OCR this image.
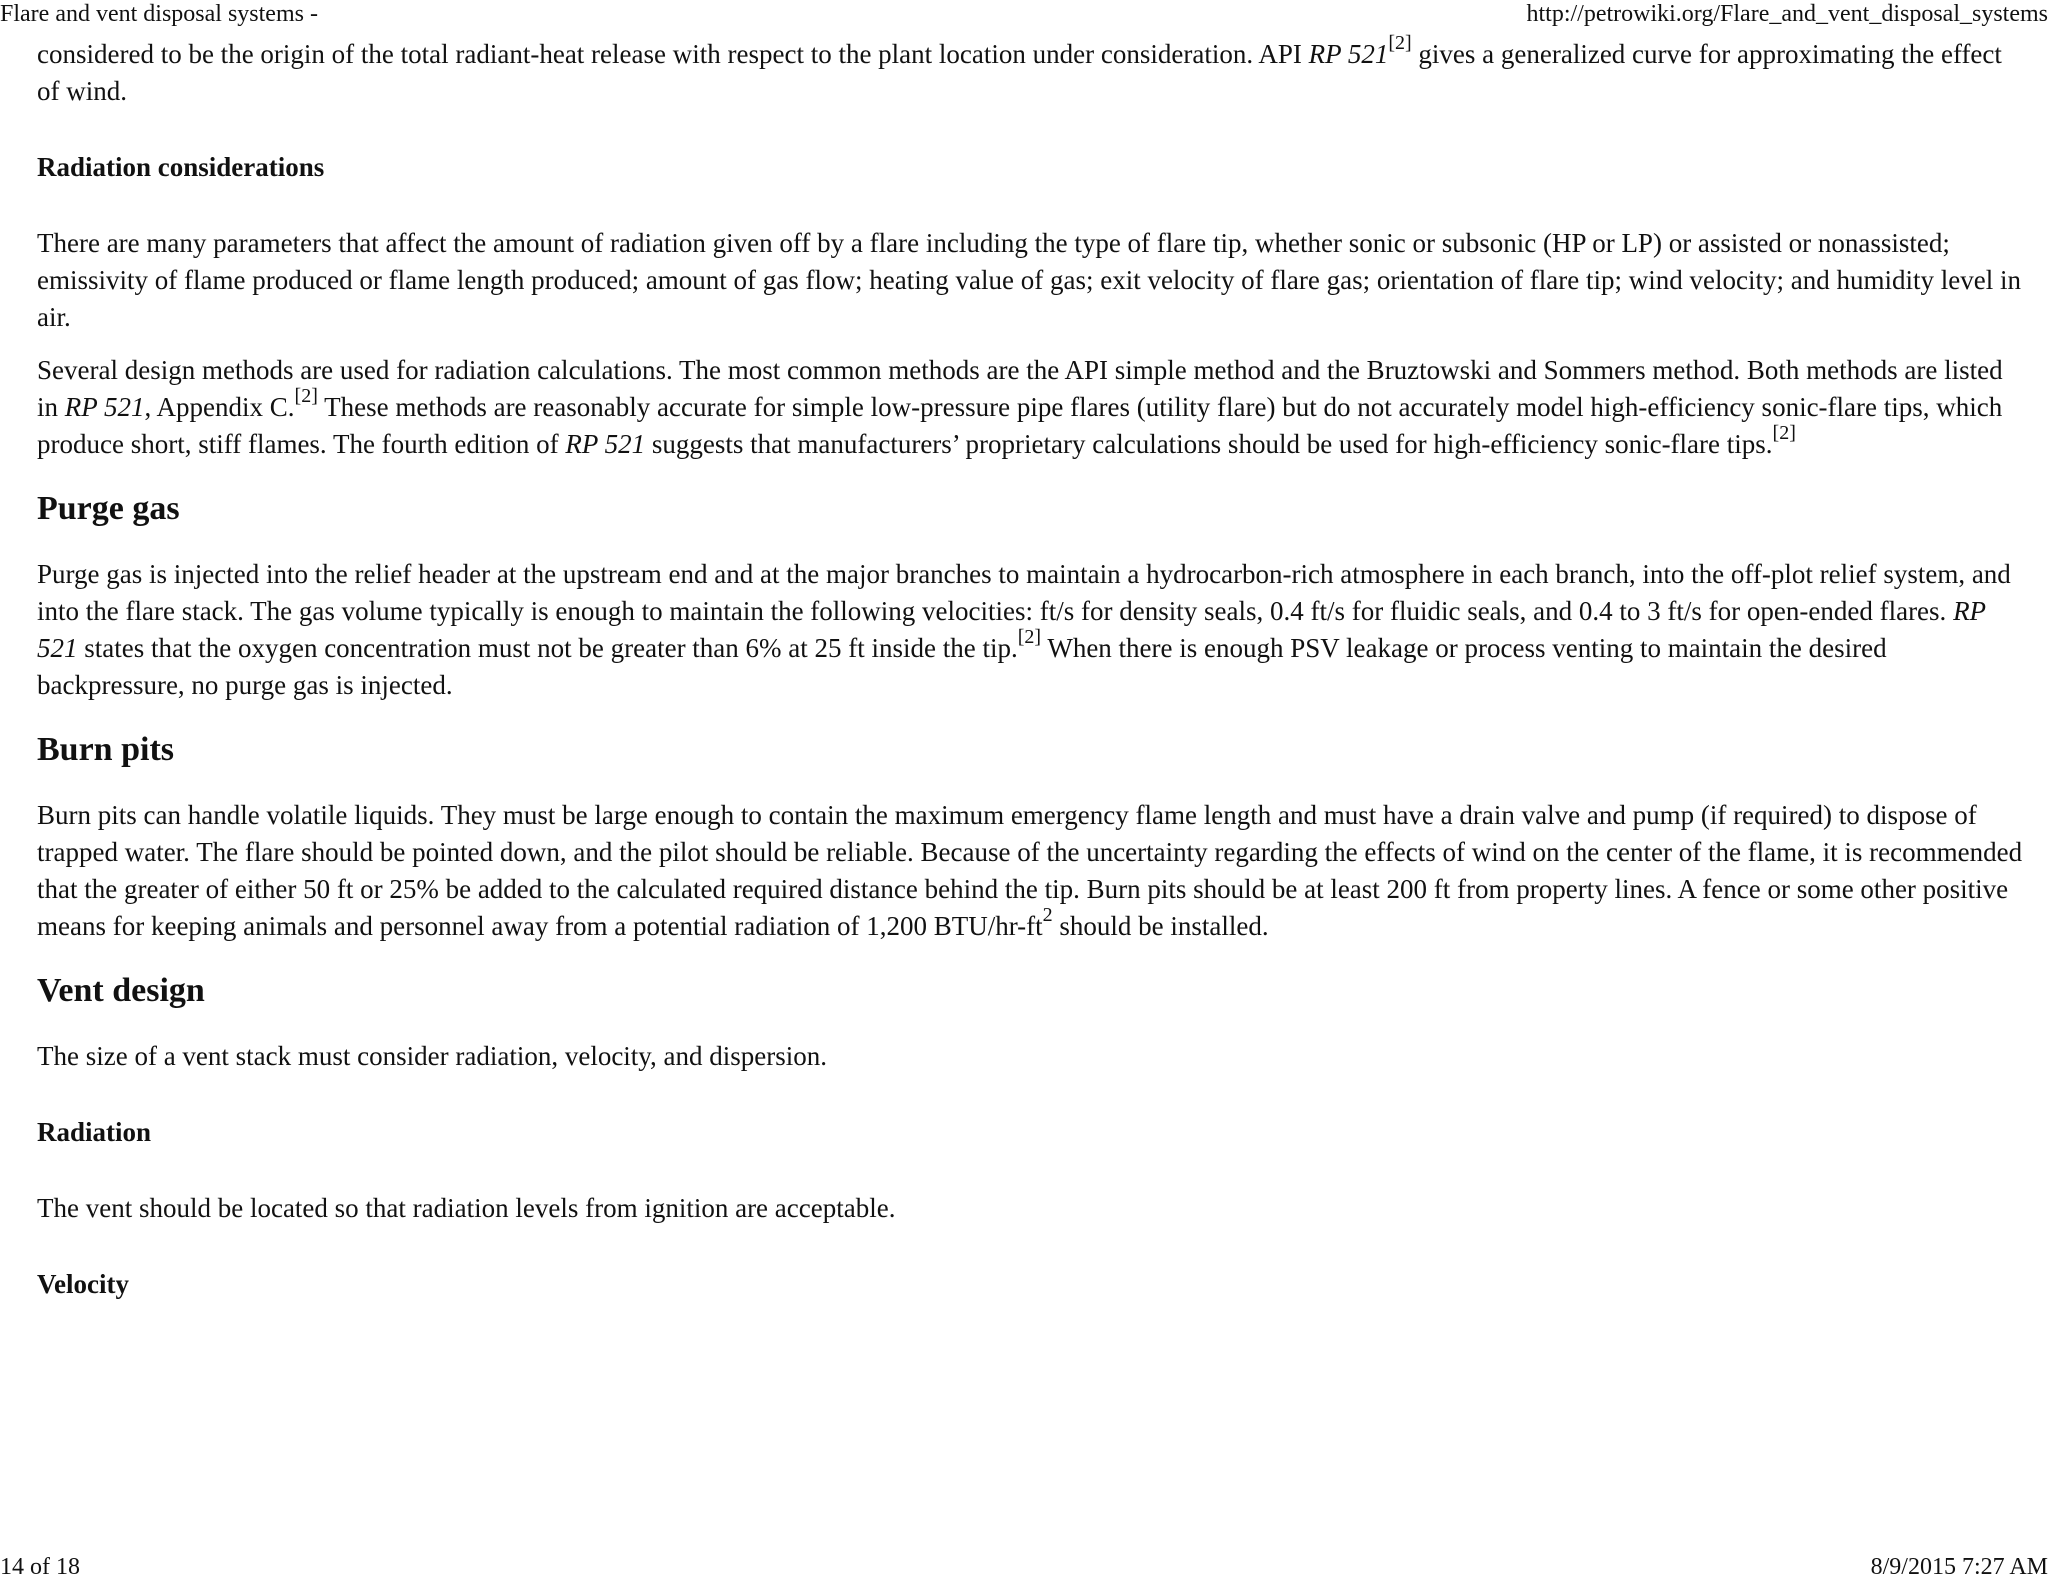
Flare and vent disposal systems -	http://petrowiki.org/Flare_and_vent_disposal_systems

considered to be the origin of the total radiant-heat release with respect to the plant location under consideration. API RP 521[2] gives a generalized curve for approximating the effect of wind.

Radiation considerations

There are many parameters that affect the amount of radiation given off by a flare including the type of flare tip, whether sonic or subsonic (HP or LP) or assisted or nonassisted; emissivity of flame produced or flame length produced; amount of gas flow; heating value of gas; exit velocity of flare gas; orientation of flare tip; wind velocity; and humidity level in air.

Several design methods are used for radiation calculations. The most common methods are the API simple method and the Bruztowski and Sommers method. Both methods are listed in RP 521, Appendix C.[2] These methods are reasonably accurate for simple low-pressure pipe flares (utility flare) but do not accurately model high-efficiency sonic-flare tips, which produce short, stiff flames. The fourth edition of RP 521 suggests that manufacturers’ proprietary calculations should be used for high-efficiency sonic-flare tips.[2]

Purge gas

Purge gas is injected into the relief header at the upstream end and at the major branches to maintain a hydrocarbon-rich atmosphere in each branch, into the off-plot relief system, and into the flare stack. The gas volume typically is enough to maintain the following velocities: ft/s for density seals, 0.4 ft/s for fluidic seals, and 0.4 to 3 ft/s for open-ended flares. RP 521 states that the oxygen concentration must not be greater than 6% at 25 ft inside the tip.[2] When there is enough PSV leakage or process venting to maintain the desired backpressure, no purge gas is injected.

Burn pits

Burn pits can handle volatile liquids. They must be large enough to contain the maximum emergency flame length and must have a drain valve and pump (if required) to dispose of trapped water. The flare should be pointed down, and the pilot should be reliable. Because of the uncertainty regarding the effects of wind on the center of the flame, it is recommended that the greater of either 50 ft or 25% be added to the calculated required distance behind the tip. Burn pits should be at least 200 ft from property lines. A fence or some other positive means for keeping animals and personnel away from a potential radiation of 1,200 BTU/$hr-ft^2$ should be installed.

Vent design

The size of a vent stack must consider radiation, velocity, and dispersion.

Radiation

The vent should be located so that radiation levels from ignition are acceptable.

Velocity

14 of 18	8/9/2015 7:27 AM
